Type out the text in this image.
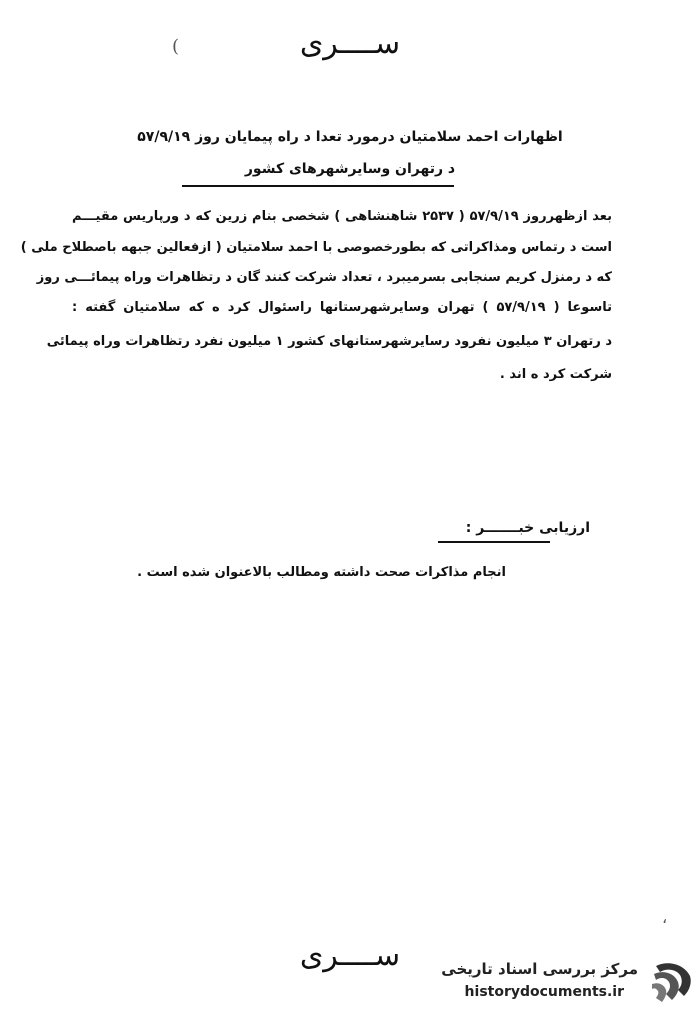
ســــری
(
اظهارات احمد سلامتیان درمورد تعدا د راه پیمایان روز ۵۷/۹/۱۹
د رتهران وسایرشهرهای کشور
بعد ازظهرروز ۵۷/۹/۱۹ ( ۲۵۳۷ شاهنشاهی ) شخصی بنام زرین که د ورپاریس مقیـــم
است د رتماس ومذاکراتی که بطورخصوصی با احمد سلامتیان ( ازفعالین جبهه باصطلاح ملی )
که د رمنزل کریم سنجابی بسرمیبرد ، تعداد شرکت کنند گان د رتظاهرات وراه پیمائـــی روز
تاسوعا ( ۵۷/۹/۱۹ ) تهران وسایرشهرستانها راسئوال کرد ه که سلامتیان گفته :
د رتهران ۳ میلیون نفرود رسایرشهرستانهای کشور ۱ میلیون نفرد رتظاهرات وراه پیمائی
شرکت کرد ه اند .
ارزیابی خبـــــــر :
انجام مذاکرات صحت داشته ومطالب بالاعنوان شده است .
،
ســــری	مرکز بررسی اسناد تاریخی
historydocuments.ir
